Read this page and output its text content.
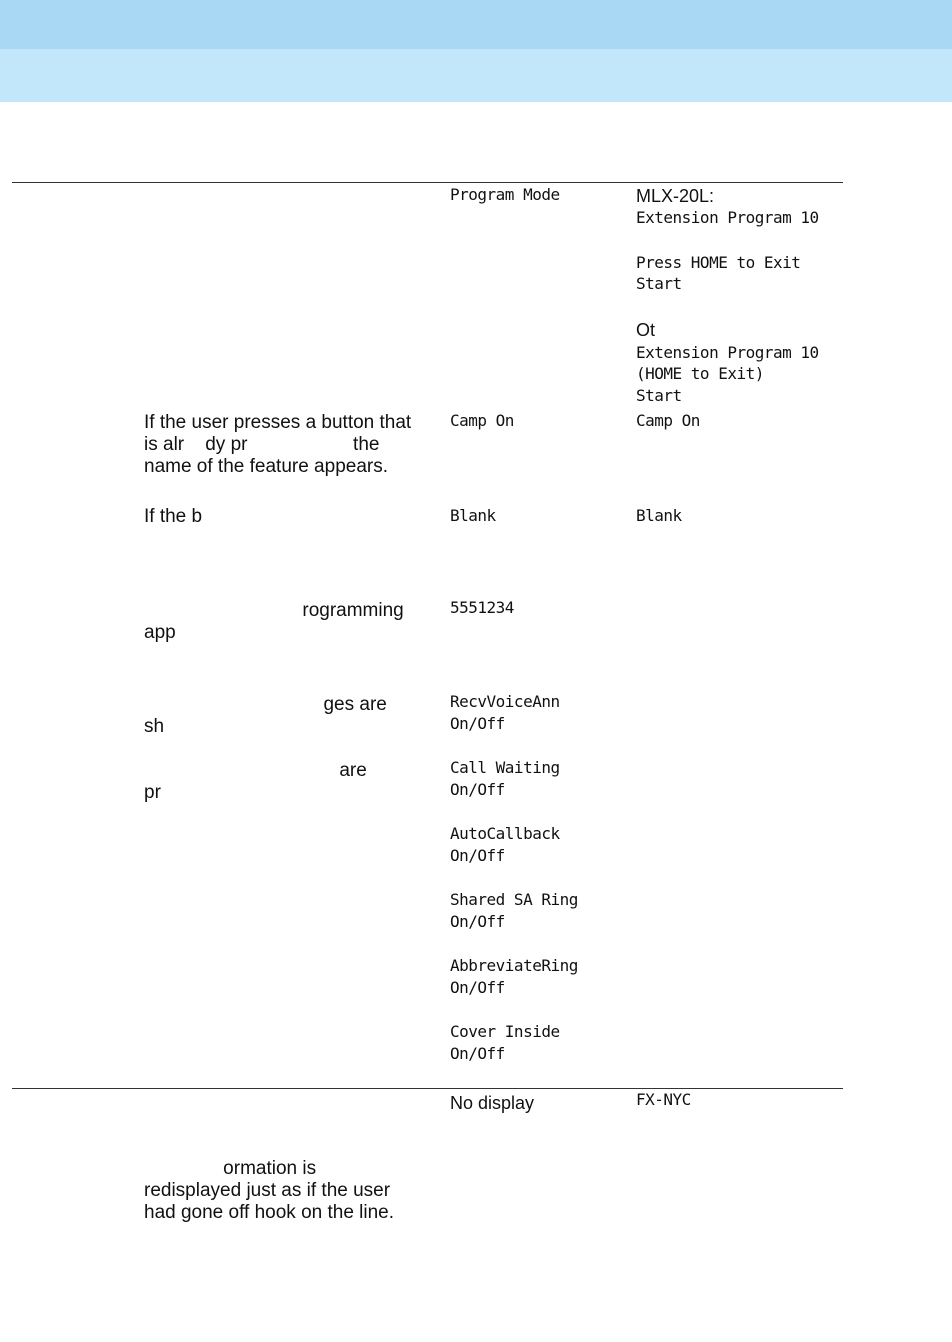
If the user presses a button that
is alr    dy pr                    the
name of the feature appears.
If the b
rogramming
app
ges are
sh
are
pr
ormation is
redisplayed just as if the user
had gone off hook on the line.
Program Mode
Camp On
Blank
5551234
RecvVoiceAnn
On/Off
Call Waiting
On/Off
AutoCallback
On/Off
Shared SA Ring
On/Off
AbbreviateRing
On/Off
Cover Inside
On/Off
No display
MLX-20L:
Extension Program 10
Press HOME to Exit
Start
Ot
Extension Program 10
(HOME to Exit)
Start
Camp On
Blank
FX-NYC
